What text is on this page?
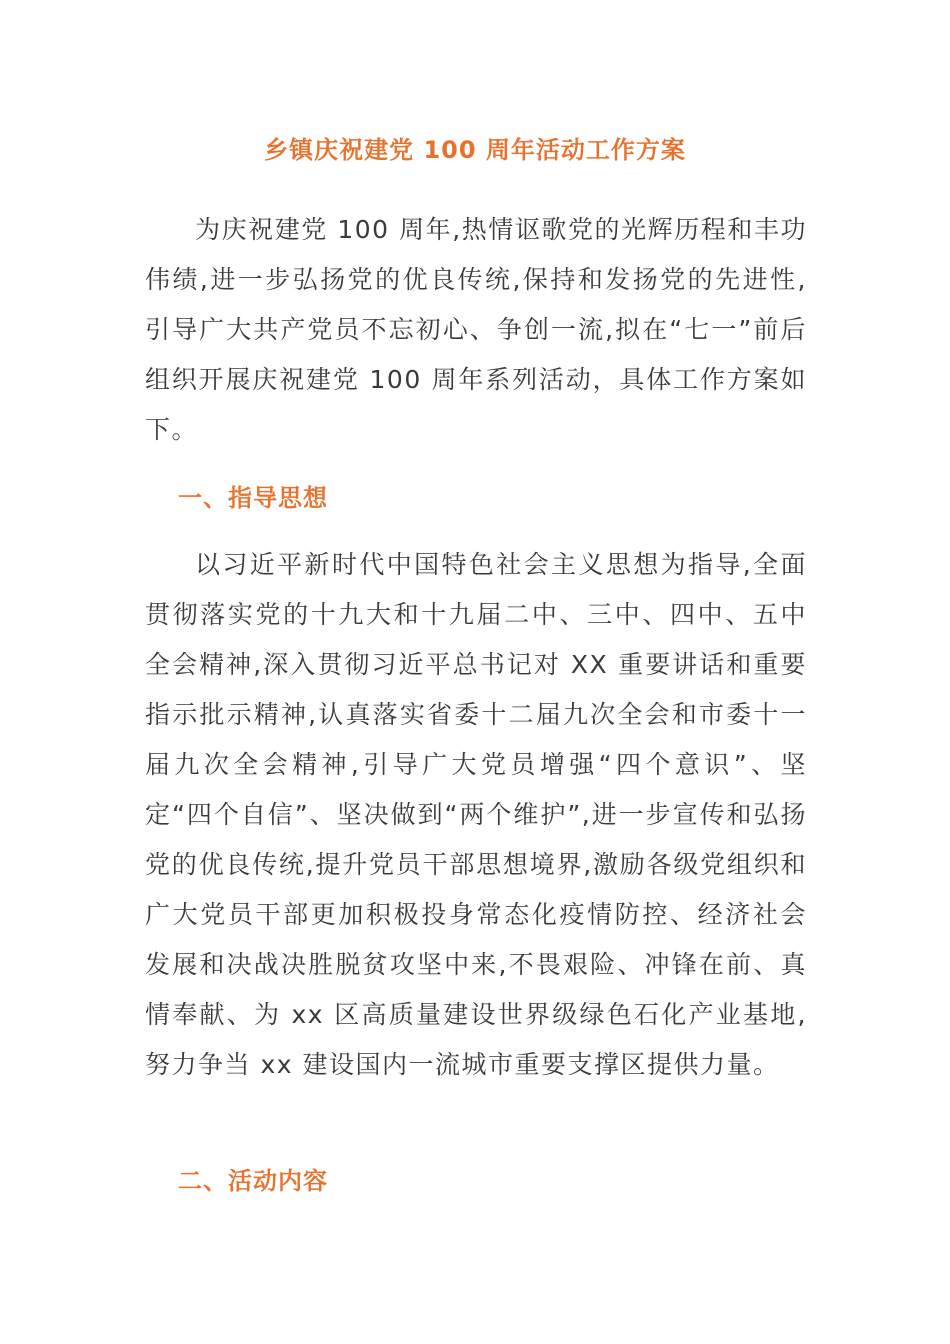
乡镇庆祝建党 100 周年活动工作方案

为庆祝建党 100 周年,热情讴歌党的光辉历程和丰功伟绩,进一步弘扬党的优良传统,保持和发扬党的先进性,引导广大共产党员不忘初心、争创一流,拟在“七一”前后组织开展庆祝建党 100 周年系列活动，具体工作方案如下。

一、指导思想

以习近平新时代中国特色社会主义思想为指导,全面贯彻落实党的十九大和十九届二中、三中、四中、五中全会精神,深入贯彻习近平总书记对 XX 重要讲话和重要指示批示精神,认真落实省委十二届九次全会和市委十一届九次全会精神,引导广大党员增强“四个意识”、坚定“四个自信”、坚决做到“两个维护”,进一步宣传和弘扬党的优良传统,提升党员干部思想境界,激励各级党组织和广大党员干部更加积极投身常态化疫情防控、经济社会发展和决战决胜脱贫攻坚中来,不畏艰险、冲锋在前、真情奉献、为 xx 区高质量建设世界级绿色石化产业基地,努力争当 xx 建设国内一流城市重要支撑区提供力量。

二、活动内容
